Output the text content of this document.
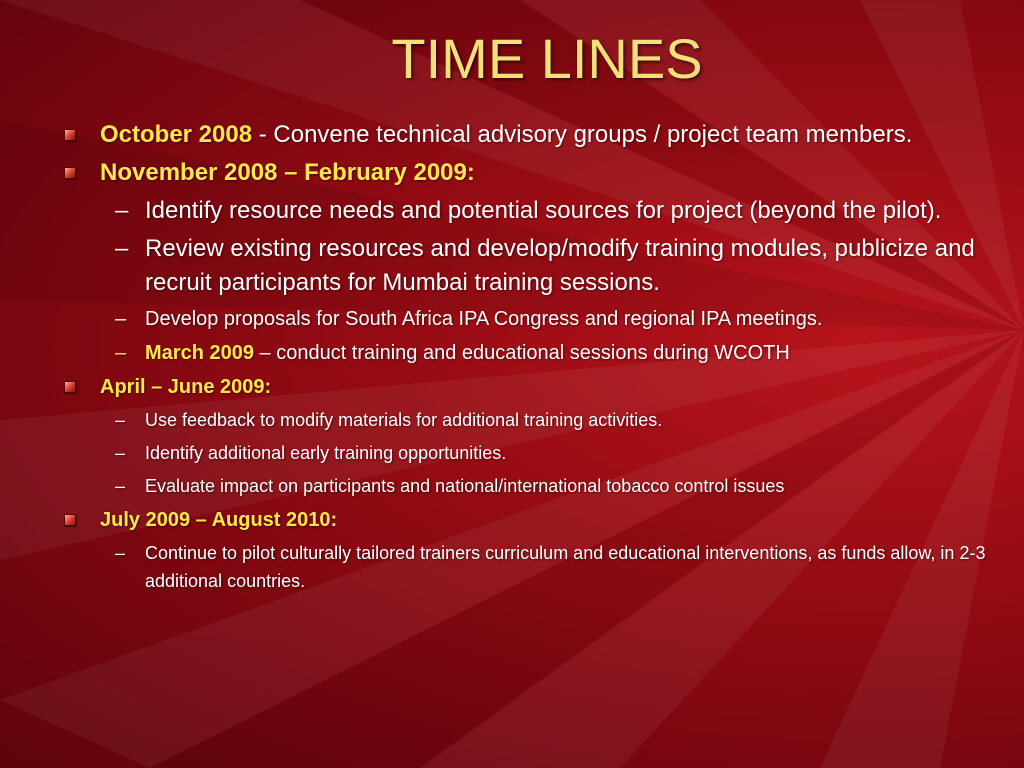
TIME LINES
October 2008 - Convene technical advisory groups / project team members.
November 2008 – February 2009:
– Identify resource needs and potential sources for project (beyond the pilot).
– Review existing resources and develop/modify training modules, publicize and recruit participants for Mumbai training sessions.
– Develop proposals for South Africa IPA Congress and regional IPA meetings.
– March 2009 – conduct training and educational sessions during WCOTH
April – June 2009:
– Use feedback to modify materials for additional training activities.
– Identify additional early training opportunities.
– Evaluate impact on participants and national/international tobacco control issues
July 2009 – August 2010:
– Continue to pilot culturally tailored trainers curriculum and educational interventions, as funds allow, in 2-3 additional countries.
